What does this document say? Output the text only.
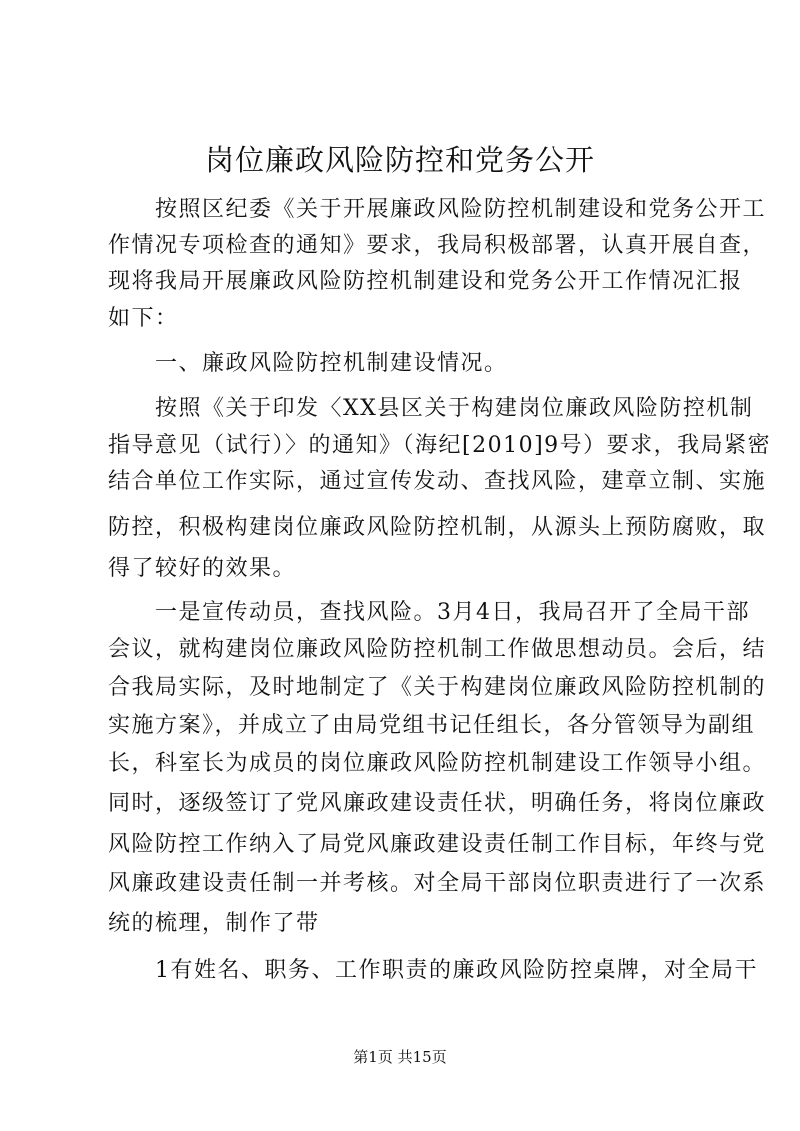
岗位廉政风险防控和党务公开
　　按照区纪委《关于开展廉政风险防控机制建设和党务公开工
作情况专项检查的通知》要求，我局积极部署，认真开展自查，
现将我局开展廉政风险防控机制建设和党务公开工作情况汇报
如下：
　　一、廉政风险防控机制建设情况。
　　按照《关于印发〈XX县区关于构建岗位廉政风险防控机制
指导意见（试行）〉的通知》（海纪[2010]9号）要求，我局紧密
结合单位工作实际，通过宣传发动、查找风险，建章立制、实施
防控，积极构建岗位廉政风险防控机制，从源头上预防腐败，取
得了较好的效果。
　　一是宣传动员，查找风险。3月4日，我局召开了全局干部
会议，就构建岗位廉政风险防控机制工作做思想动员。会后，结
合我局实际，及时地制定了《关于构建岗位廉政风险防控机制的
实施方案》，并成立了由局党组书记任组长，各分管领导为副组
长，科室长为成员的岗位廉政风险防控机制建设工作领导小组。
同时，逐级签订了党风廉政建设责任状，明确任务，将岗位廉政
风险防控工作纳入了局党风廉政建设责任制工作目标，年终与党
风廉政建设责任制一并考核。对全局干部岗位职责进行了一次系
统的梳理，制作了带
　　1有姓名、职务、工作职责的廉政风险防控桌牌，对全局干
第1页 共15页
